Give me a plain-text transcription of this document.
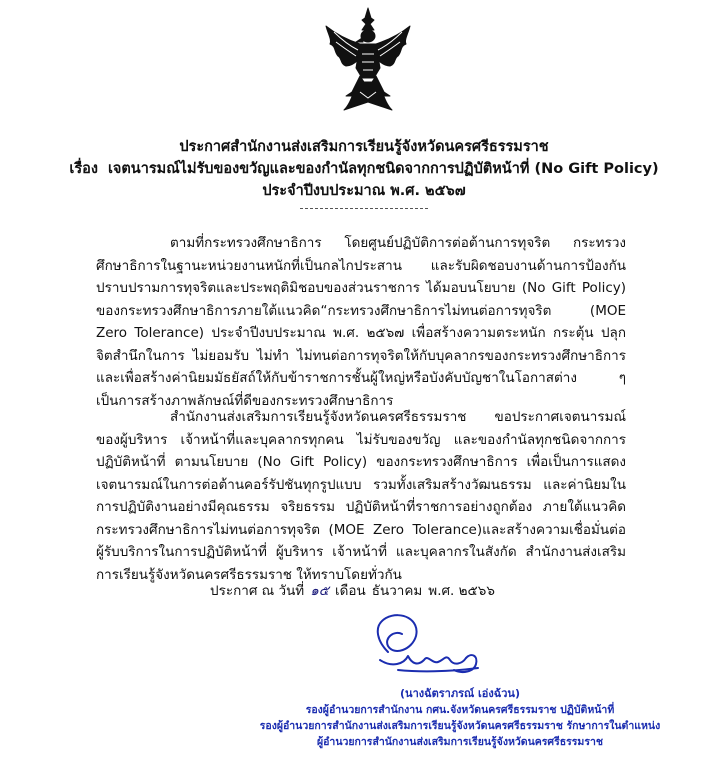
ประกาศสำนักงานส่งเสริมการเรียนรู้จังหวัดนครศรีธรรมราช
เรื่อง เจตนารมณ์ไม่รับของขวัญและของกำนัลทุกชนิดจากการปฏิบัติหน้าที่ (No Gift Policy)
ประจำปีงบประมาณ พ.ศ. ๒๕๖๗
ตามที่กระทรวงศึกษาธิการ โดยศูนย์ปฏิบัติการต่อต้านการทุจริต กระทรวงศึกษาธิการในฐานะหน่วยงานหนักที่เป็นกลไกประสาน และรับผิดชอบงานด้านการป้องกัน ปราบปรามการทุจริตและประพฤติมิชอบของส่วนราชการ ได้มอบนโยบาย (No Gift Policy) ของกระทรวงศึกษาธิการภายใต้แนวคิด“กระทรวงศึกษาธิการไม่ทนต่อการทุจริต (MOE Zero Tolerance) ประจำปีงบประมาณ พ.ศ. ๒๕๖๗ เพื่อสร้างความตระหนัก กระตุ้น ปลุกจิตสำนึกในการ ไม่ยอมรับ ไม่ทำ ไม่ทนต่อการทุจริตให้กับบุคลากรของกระทรวงศึกษาธิการ และเพื่อสร้างค่านิยมมัธยัสถ์ให้กับข้าราชการชั้นผู้ใหญ่หรือบังคับบัญชาในโอกาสต่าง ๆ เป็นการสร้างภาพลักษณ์ที่ดีของกระทรวงศึกษาธิการ
สำนักงานส่งเสริมการเรียนรู้จังหวัดนครศรีธรรมราช ขอประกาศเจตนารมณ์ของผู้บริหาร เจ้าหน้าที่และบุคลากรทุกคน ไม่รับของขวัญ และของกำนัลทุกชนิดจากการปฏิบัติหน้าที่ ตามนโยบาย (No Gift Policy) ของกระทรวงศึกษาธิการ เพื่อเป็นการแสดงเจตนารมณ์ในการต่อต้านคอร์รัปชันทุกรูปแบบ รวมทั้งเสริมสร้างวัฒนธรรม และค่านิยมในการปฏิบัติงานอย่างมีคุณธรรม จริยธรรม ปฏิบัติหน้าที่ราชการอย่างถูกต้อง ภายใต้แนวคิด กระทรวงศึกษาธิการไม่ทนต่อการทุจริต (MOE Zero Tolerance)และสร้างความเชื่อมั่นต่อผู้รับบริการในการปฏิบัติหน้าที่ ผู้บริหาร เจ้าหน้าที่ และบุคลากรในสังกัด สำนักงานส่งเสริมการเรียนรู้จังหวัดนครศรีธรรมราช ให้ทราบโดยทั่วกัน
ประกาศ ณ วันที่ ๑๕ เดือน ธันวาคม พ.ศ. ๒๕๖๖
(นางฉัตราภรณ์ เอ่งฉ้วน)
รองผู้อำนวยการสำนักงาน กศน.จังหวัดนครศรีธรรมราช ปฏิบัติหน้าที่
รองผู้อำนวยการสำนักงานส่งเสริมการเรียนรู้จังหวัดนครศรีธรรมราช รักษาการในตำแหน่ง
ผู้อำนวยการสำนักงานส่งเสริมการเรียนรู้จังหวัดนครศรีธรรมราช
